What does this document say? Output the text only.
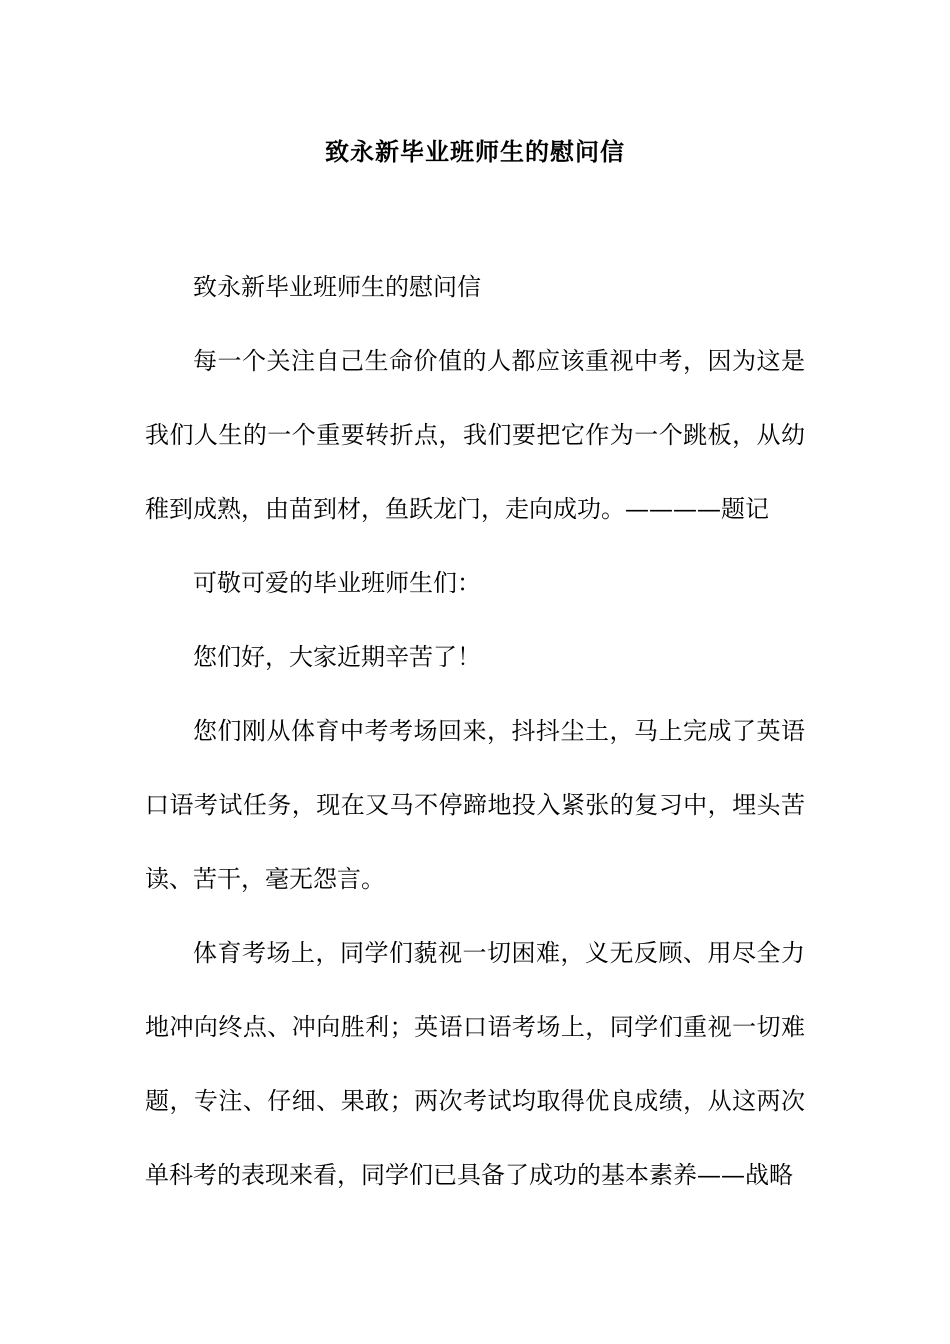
致永新毕业班师生的慰问信

致永新毕业班师生的慰问信

每一个关注自己生命价值的人都应该重视中考，因为这是我们人生的一个重要转折点，我们要把它作为一个跳板，从幼稚到成熟，由苗到材，鱼跃龙门，走向成功。————题记

可敬可爱的毕业班师生们：

您们好，大家近期辛苦了！

您们刚从体育中考考场回来，抖抖尘土，马上完成了英语口语考试任务，现在又马不停蹄地投入紧张的复习中，埋头苦读、苦干，毫无怨言。

体育考场上，同学们藐视一切困难，义无反顾、用尽全力地冲向终点、冲向胜利；英语口语考场上，同学们重视一切难题，专注、仔细、果敢；两次考试均取得优良成绩，从这两次单科考的表现来看，同学们已具备了成功的基本素养——战略
